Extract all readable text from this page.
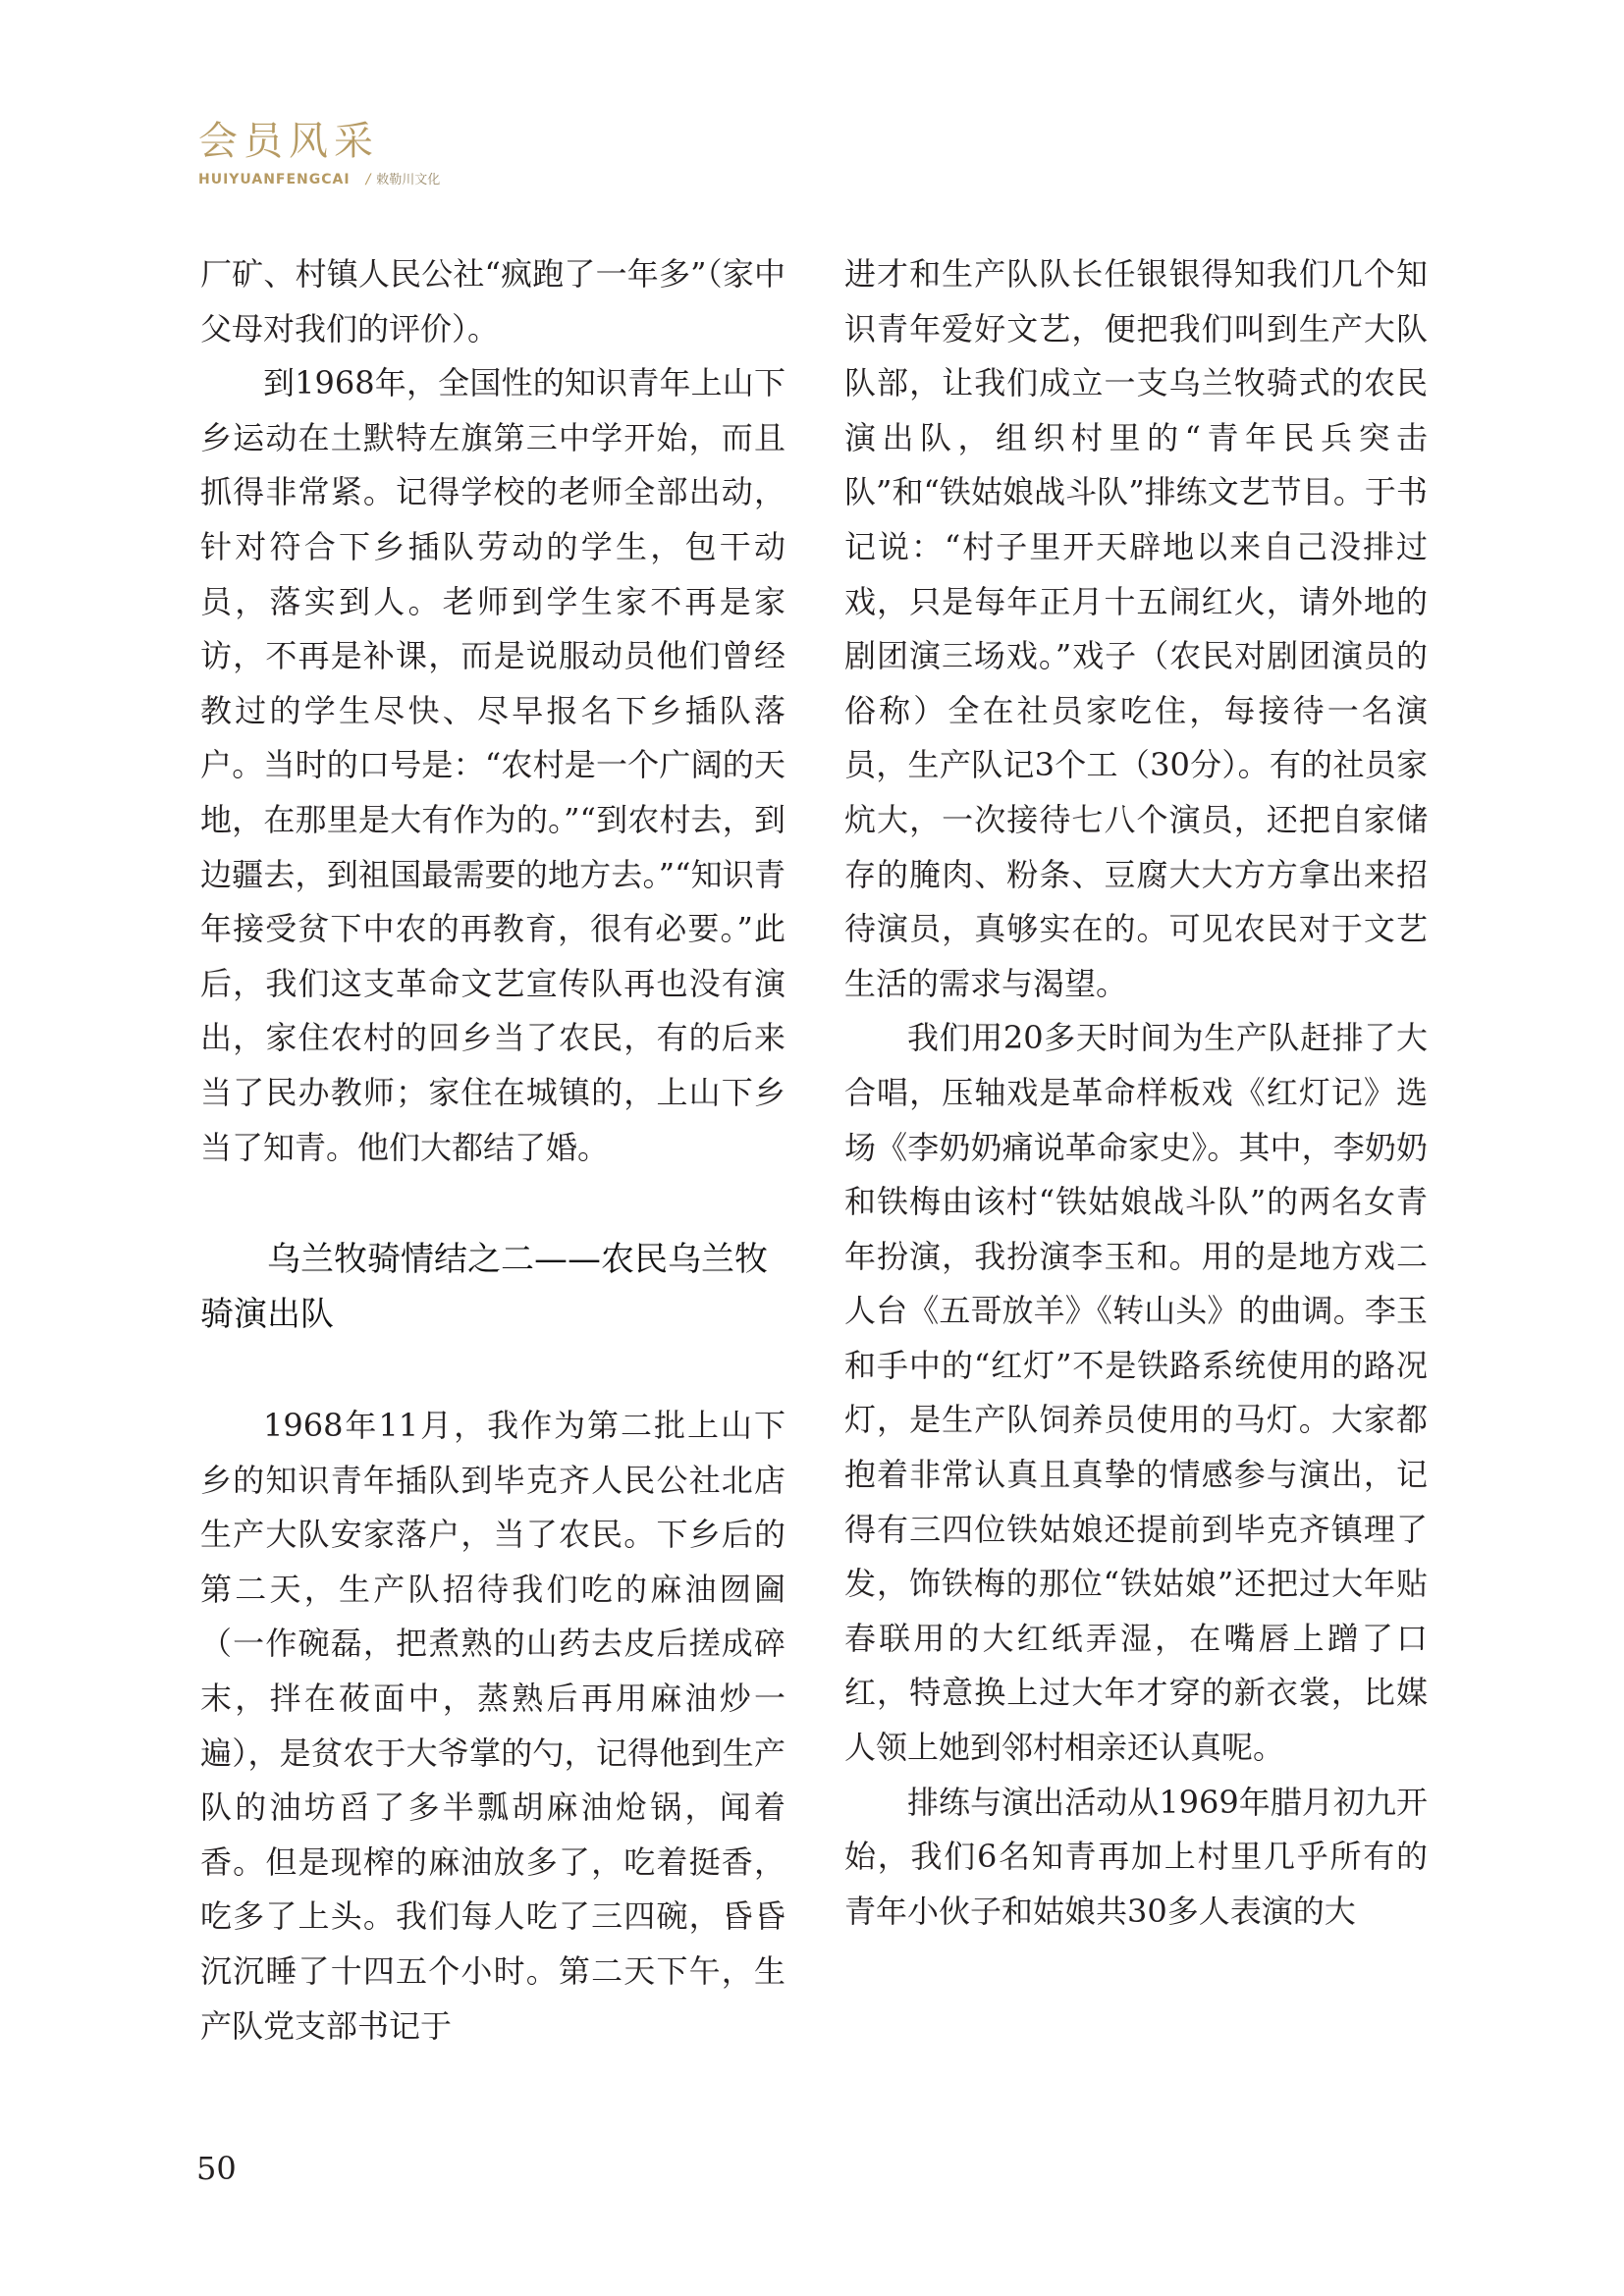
会员风采
HUIYUANFENGCAI / 敕勒川文化

厂矿、村镇人民公社“疯跑了一年多”（家中父母对我们的评价）。

到1968年，全国性的知识青年上山下乡运动在土默特左旗第三中学开始，而且抓得非常紧。记得学校的老师全部出动，针对符合下乡插队劳动的学生，包干动员，落实到人。老师到学生家不再是家访，不再是补课，而是说服动员他们曾经教过的学生尽快、尽早报名下乡插队落户。当时的口号是：“农村是一个广阔的天地，在那里是大有作为的。”“到农村去，到边疆去，到祖国最需要的地方去。”“知识青年接受贫下中农的再教育，很有必要。”此后，我们这支革命文艺宣传队再也没有演出，家住农村的回乡当了农民，有的后来当了民办教师；家住在城镇的，上山下乡当了知青。他们大都结了婚。

乌兰牧骑情结之二——农民乌兰牧骑演出队

1968年11月，我作为第二批上山下乡的知识青年插队到毕克齐人民公社北店生产大队安家落户，当了农民。下乡后的第二天，生产队招待我们吃的麻油囫圇（一作碗磊，把煮熟的山药去皮后搓成碎末，拌在莜面中，蒸熟后再用麻油炒一遍），是贫农于大爷掌的勺，记得他到生产队的油坊舀了多半瓢胡麻油炝锅，闻着香。但是现榨的麻油放多了，吃着挺香，吃多了上头。我们每人吃了三四碗，昏昏沉沉睡了十四五个小时。第二天下午，生产队党支部书记于

进才和生产队队长任银银得知我们几个知识青年爱好文艺，便把我们叫到生产大队队部，让我们成立一支乌兰牧骑式的农民演出队，组织村里的“青年民兵突击队”和“铁姑娘战斗队”排练文艺节目。于书记说：“村子里开天辟地以来自己没排过戏，只是每年正月十五闹红火，请外地的剧团演三场戏。”戏子（农民对剧团演员的俗称）全在社员家吃住，每接待一名演员，生产队记3个工（30分）。有的社员家炕大，一次接待七八个演员，还把自家储存的腌肉、粉条、豆腐大大方方拿出来招待演员，真够实在的。可见农民对于文艺生活的需求与渴望。

我们用20多天时间为生产队赶排了大合唱，压轴戏是革命样板戏《红灯记》选场《李奶奶痛说革命家史》。其中，李奶奶和铁梅由该村“铁姑娘战斗队”的两名女青年扮演，我扮演李玉和。用的是地方戏二人台《五哥放羊》《转山头》的曲调。李玉和手中的“红灯”不是铁路系统使用的路况灯，是生产队饲养员使用的马灯。大家都抱着非常认真且真挚的情感参与演出，记得有三四位铁姑娘还提前到毕克齐镇理了发，饰铁梅的那位“铁姑娘”还把过大年贴春联用的大红纸弄湿，在嘴唇上蹭了口红，特意换上过大年才穿的新衣裳，比媒人领上她到邻村相亲还认真呢。

排练与演出活动从1969年腊月初九开始，我们6名知青再加上村里几乎所有的青年小伙子和姑娘共30多人表演的大

50
